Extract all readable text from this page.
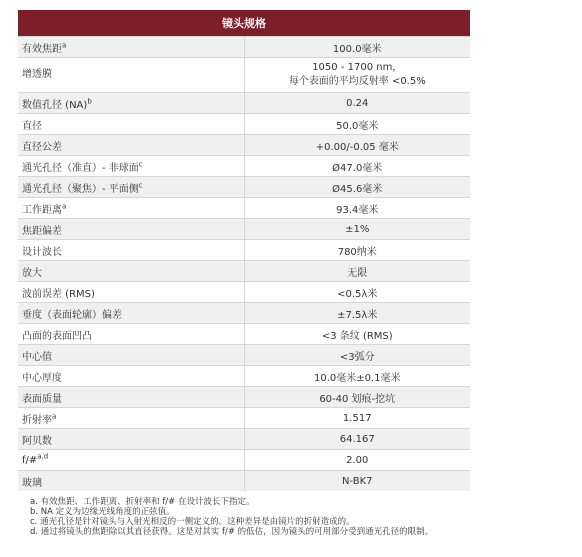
镜头规格	
有效焦距$^a$	100.0毫米

增透膜	1050 - 1700 nm，
每个表面的平均反射率 <0.5%

数值孔径 (NA)$^b$	0.24

直径	50.0毫米

直径公差	+0.00/-0.05 毫米

通光孔径（准直）- 非球面$^c$	Ø47.0毫米

通光孔径（聚焦）- 平面侧$^c$	Ø45.6毫米

工作距离$^a$	93.4毫米

焦距偏差	±1%

设计波长	780纳米

放大	无限

波前误差 (RMS)	<0.5λ米

垂度（表面轮廓）偏差	±7.5λ米

凸面的表面凹凸	<3 条纹 (RMS)

中心值	<3弧分

中心厚度	10.0毫米±0.1毫米

表面质量	60-40 划痕-挖坑

折射率$^a$	1.517

阿贝数	64.167

f/#$^{a,d}$	2.00

玻璃	N-BK7
a. 有效焦距、工作距离、折射率和 f/# 在设计波长下指定。
b. NA 定义为边缘光线角度的正弦值。
c. 通光孔径是针对镜头与入射光相反的一侧定义的。这种差异是由镜片的折射造成的。
d. 通过将镜头的焦距除以其直径获得。这是对其实 f/# 的低估，因为镜头的可用部分受到通光孔径的限制。
